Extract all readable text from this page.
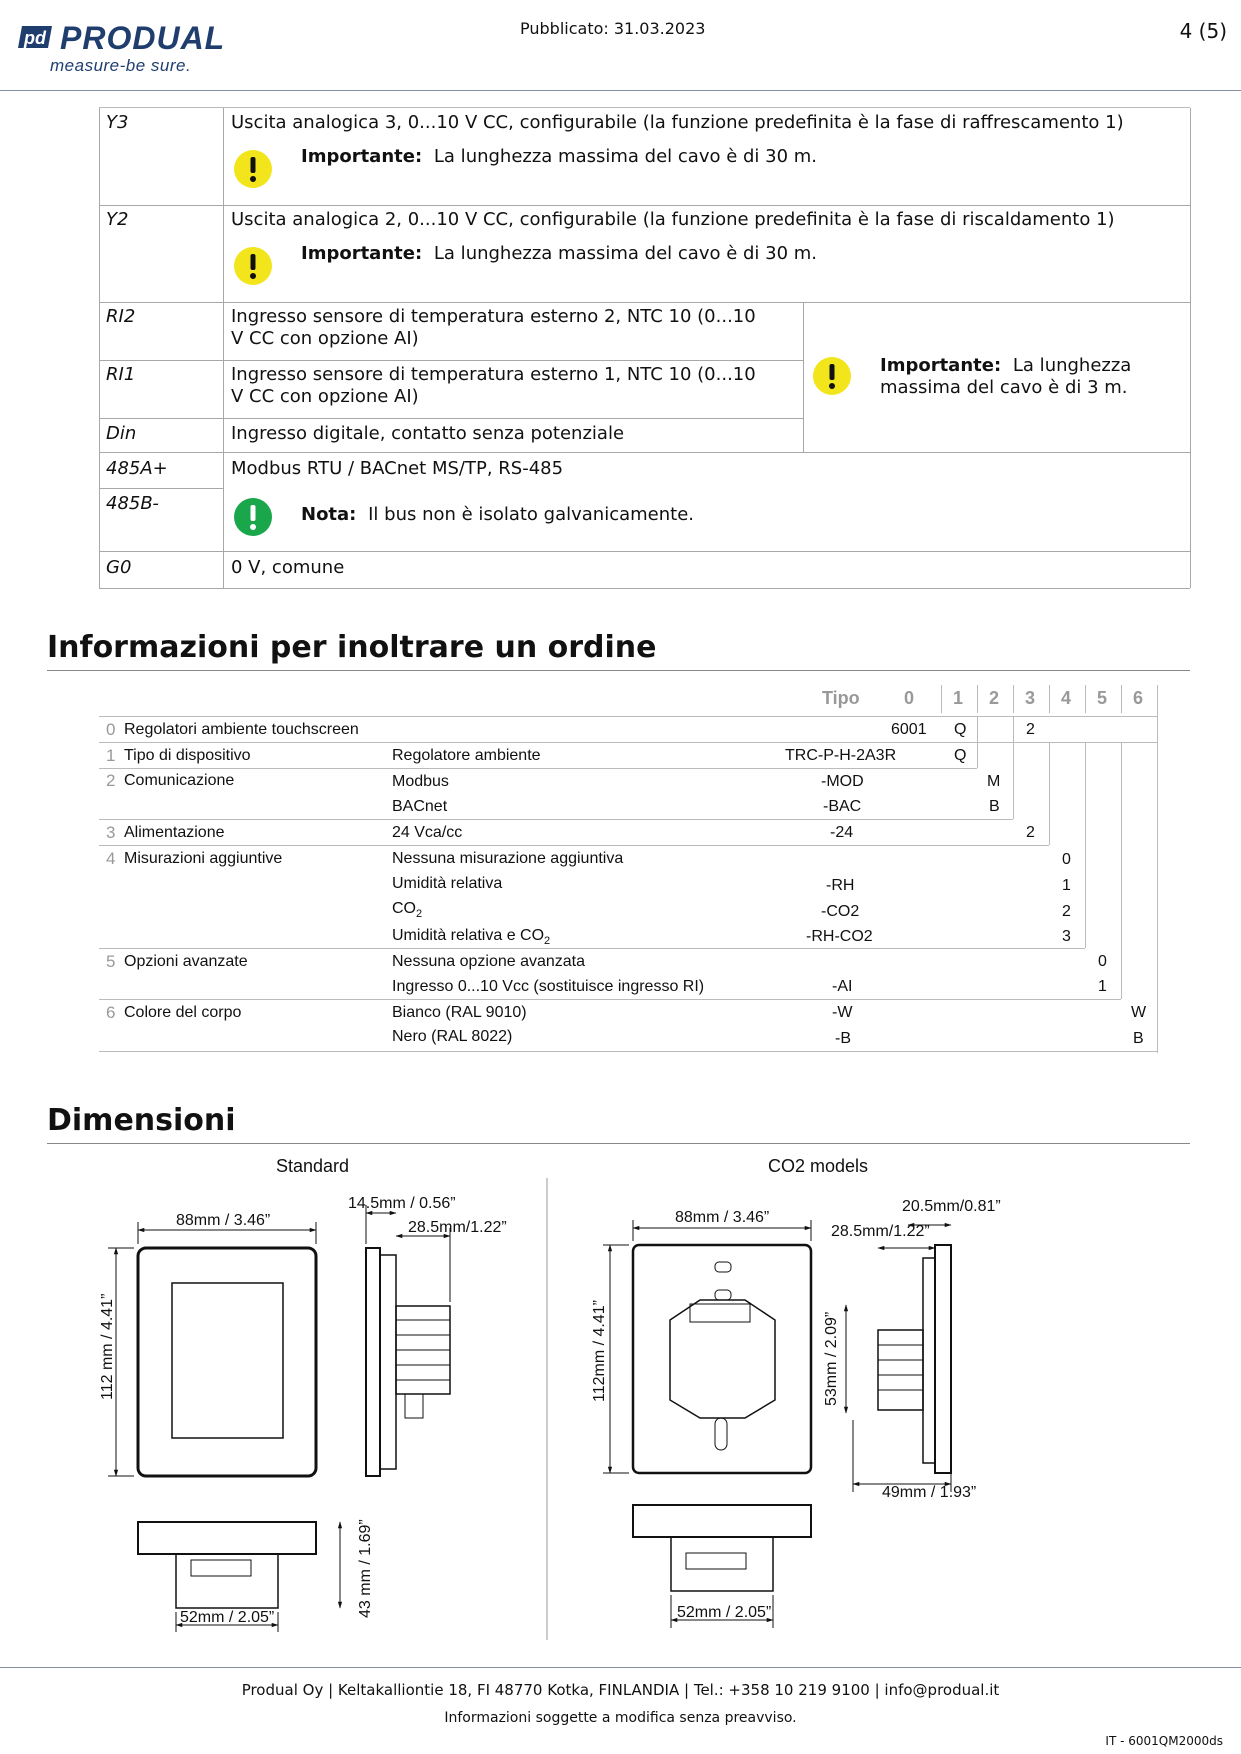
pd PRODUAL
measure-be sure.
Pubblicato: 31.03.2023	4 (5)
Y3	Uscita analogica 3, 0...10 V CC, configurabile (la funzione predefinita è la fase di raffrescamento 1)
Importante: La lunghezza massima del cavo è di 30 m.
Y2	Uscita analogica 2, 0...10 V CC, configurabile (la funzione predefinita è la fase di riscaldamento 1)
Importante: La lunghezza massima del cavo è di 30 m.
RI2	Ingresso sensore di temperatura esterno 2, NTC 10 (0...10
V CC con opzione AI)
RI1	Ingresso sensore di temperatura esterno 1, NTC 10 (0...10
V CC con opzione AI)
Din	Ingresso digitale, contatto senza potenziale
Importante: La lunghezza
massima del cavo è di 3 m.
485A+	Modbus RTU / BACnet MS/TP, RS-485
485B-
Nota: Il bus non è isolato galvanicamente.
G0	0 V, comune
Informazioni per inoltrare un ordine
Tipo 0 1 2 3 4 5 6
0 Regolatori ambiente touchscreen	6001 Q	2
1 Tipo di dispositivo	Regolatore ambiente	TRC-P-H-2A3R	Q
2 Comunicazione	Modbus	-MOD	M
BACnet	-BAC	B
3 Alimentazione	24 Vca/cc	-24	2
4 Misurazioni aggiuntive	Nessuna misurazione aggiuntiva	0
Umidità relativa	-RH	1
$CO_2$	-CO2	2
Umidità relativa e $CO_2$	-RH-CO2	3
5 Opzioni avanzate	Nessuna opzione avanzata	0
Ingresso 0...10 Vcc (sostituisce ingresso RI)	-AI	1
6 Colore del corpo	Bianco (RAL 9010)	-W	W
Nero (RAL 8022)	-B	B
Dimensioni
Standard
88mm / 3.46”
112 mm / 4.41”
14.5mm / 0.56”
28.5mm/1.22”
52mm / 2.05”	43 mm / 1.69”
CO2 models
88mm / 3.46”
112mm / 4.41”	53mm / 2.09”
20.5mm/0.81”
28.5mm/1.22”
49mm / 1.93”
52mm / 2.05”
Produal Oy | Keltakalliontie 18, FI 48770 Kotka, FINLANDIA | Tel.: +358 10 219 9100 | info@produal.it
Informazioni soggette a modifica senza preavviso.
IT - 6001QM2000ds
